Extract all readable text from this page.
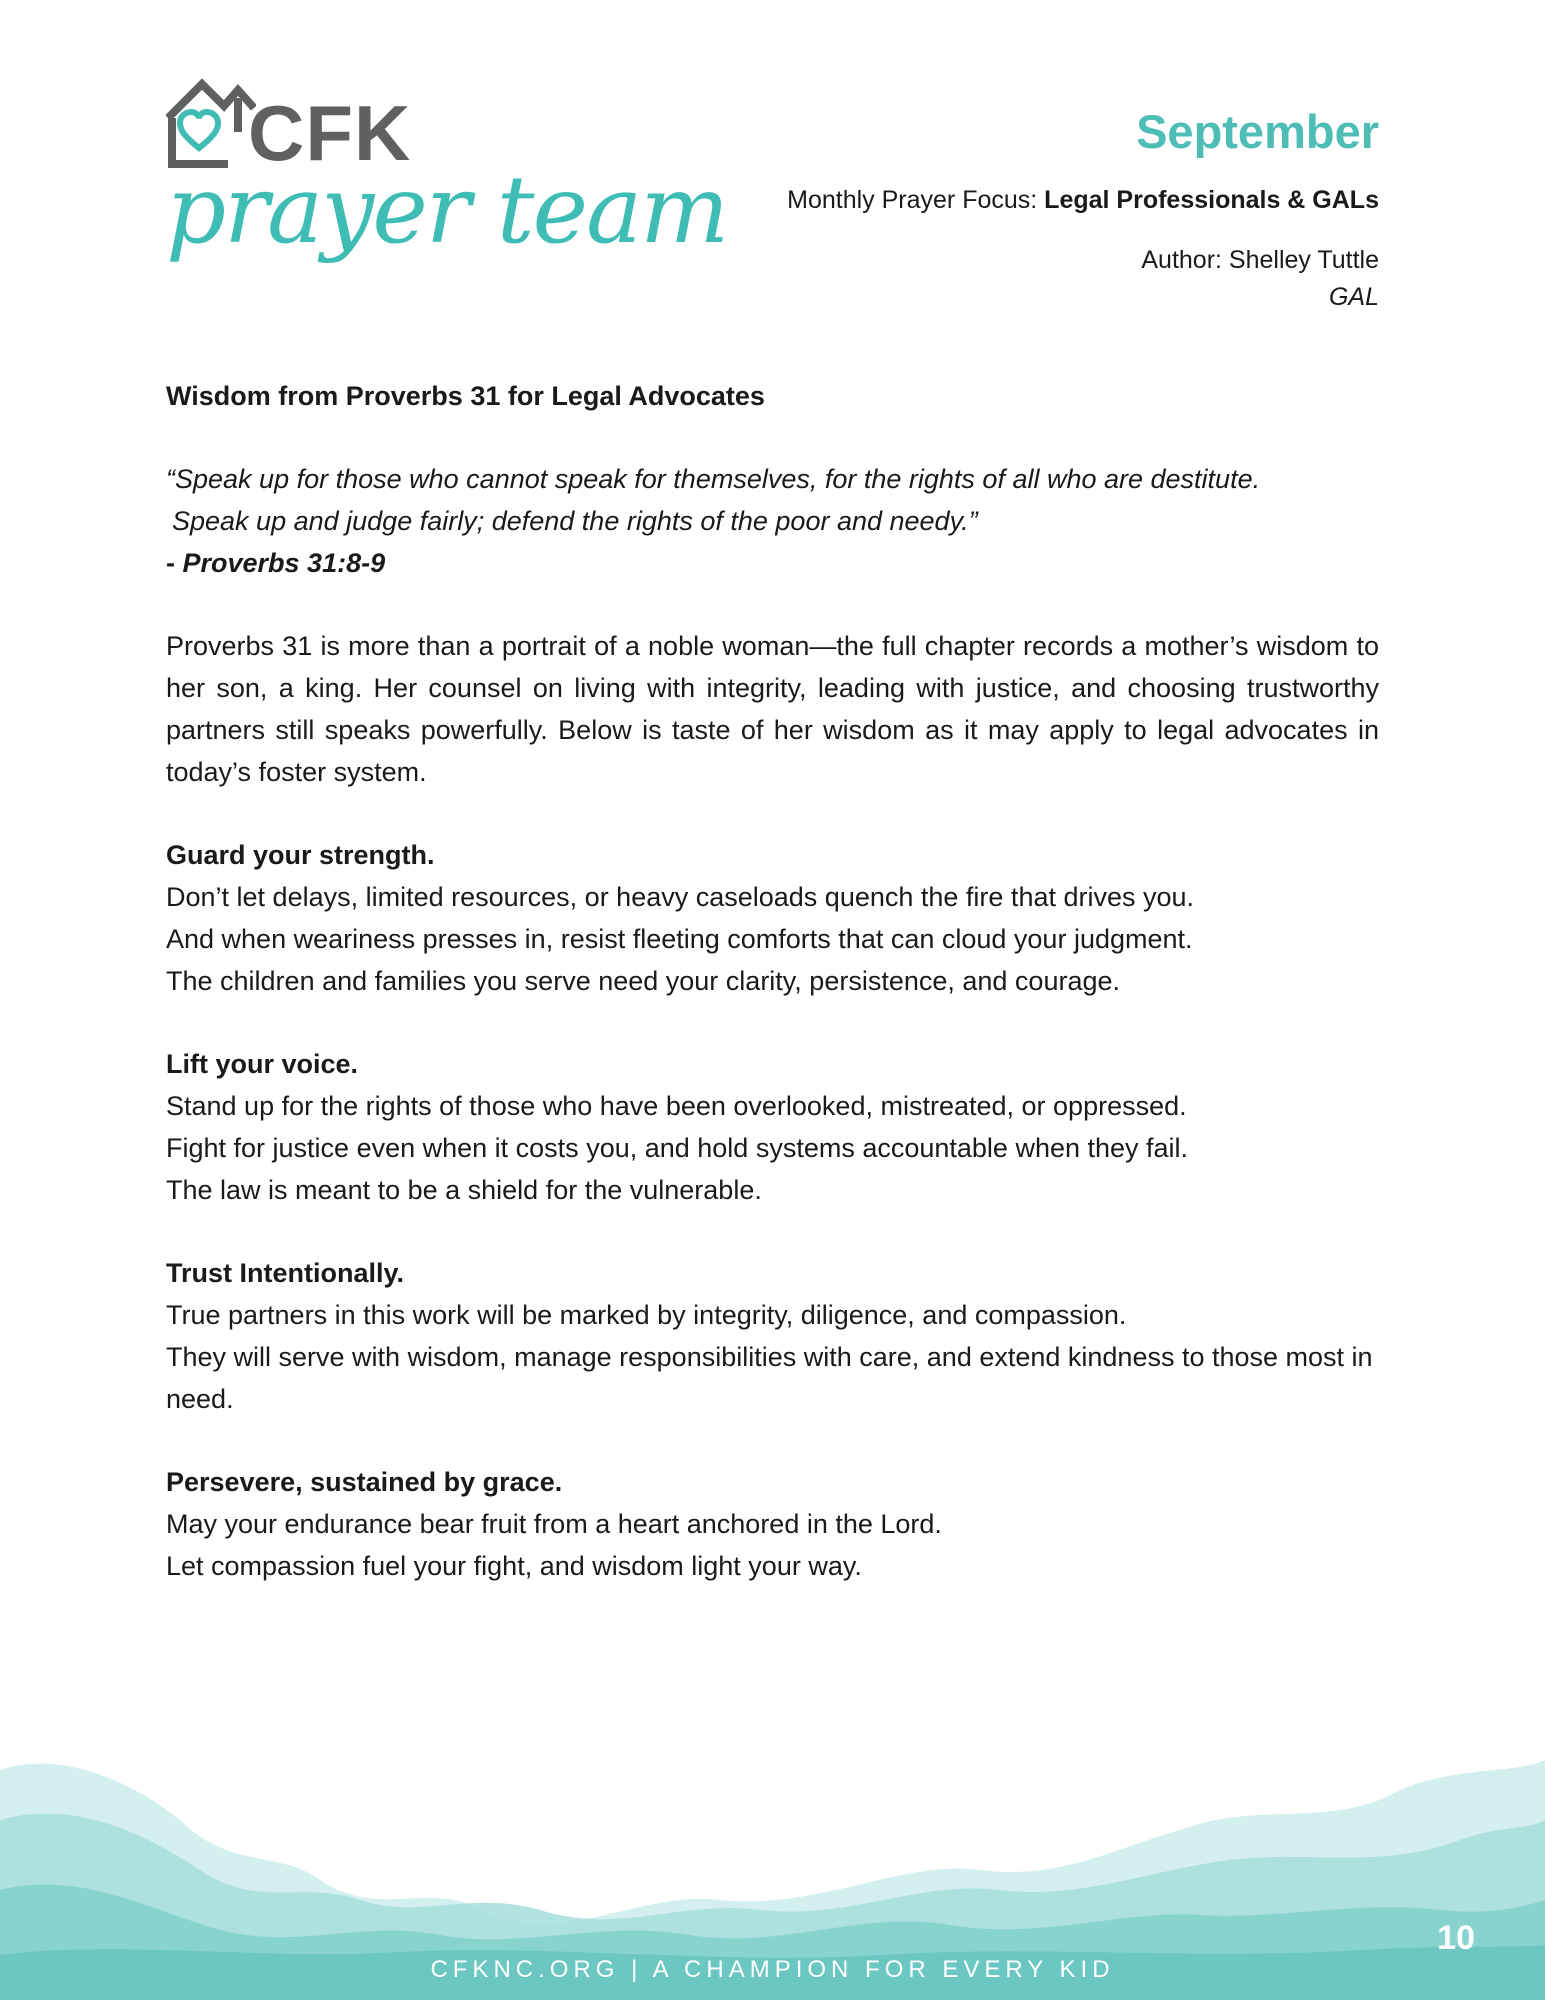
CFK
prayer team
September
Monthly Prayer Focus: Legal Professionals & GALs
Author: Shelley Tuttle
GAL
Wisdom from Proverbs 31 for Legal Advocates
“Speak up for those who cannot speak for themselves, for the rights of all who are destitute.
Speak up and judge fairly; defend the rights of the poor and needy.”
- Proverbs 31:8-9
Proverbs 31 is more than a portrait of a noble woman—the full chapter records a mother’s wisdom to her son, a king. Her counsel on living with integrity, leading with justice, and choosing trustworthy partners still speaks powerfully. Below is taste of her wisdom as it may apply to legal advocates in today’s foster system.
Guard your strength.

Don’t let delays, limited resources, or heavy caseloads quench the fire that drives you.

And when weariness presses in, resist fleeting comforts that can cloud your judgment.

The children and families you serve need your clarity, persistence, and courage.

Lift your voice.

Stand up for the rights of those who have been overlooked, mistreated, or oppressed.

Fight for justice even when it costs you, and hold systems accountable when they fail.

The law is meant to be a shield for the vulnerable.

Trust Intentionally.

True partners in this work will be marked by integrity, diligence, and compassion.

They will serve with wisdom, manage responsibilities with care, and extend kindness to those most in need.

Persevere, sustained by grace.

May your endurance bear fruit from a heart anchored in the Lord.

Let compassion fuel your fight, and wisdom light your way.

CFKNC.ORG | A CHAMPION FOR EVERY KID
10
